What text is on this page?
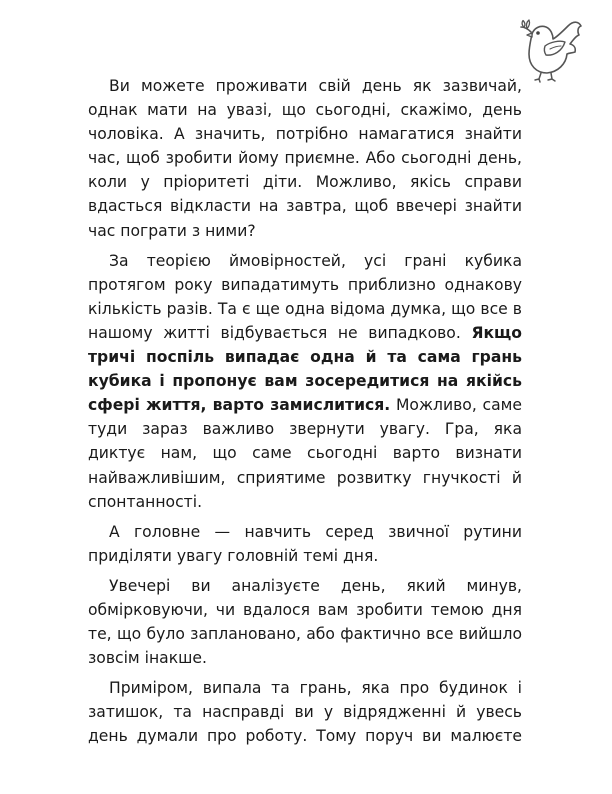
Ви можете проживати свій день як зазвичай, однак мати на увазі, що сьогодні, скажімо, день чоловіка. А значить, потрібно намагатися знайти час, щоб зробити йому приємне. Або сьогодні день, коли у пріоритеті діти. Можливо, якісь справи вдасться відкласти на завтра, щоб ввечері знайти час пограти з ними?

За теорією ймовірностей, усі грані кубика протягом року випадатимуть приблизно однакову кількість разів. Та є ще одна відома думка, що все в нашому житті відбувається не випадково. Якщо тричі поспіль випадає одна й та сама грань кубика і пропонує вам зосередитися на якійсь сфері життя, варто замислитися. Можливо, саме туди зараз важливо звернути увагу. Гра, яка диктує нам, що саме сьогодні варто визнати найважливішим, сприятиме розвитку гнучкості й спонтанності.

А головне — навчить серед звичної рутини приділяти увагу головній темі дня.

Увечері ви аналізуєте день, який минув, обмірковуючи, чи вдалося вам зробити темою дня те, що було заплановано, або фактично все вийшло зовсім інакше.

Приміром, випала та грань, яка про будинок і затишок, та насправді ви у відрядженні й увесь день думали про роботу. Тому поруч ви малюєте
